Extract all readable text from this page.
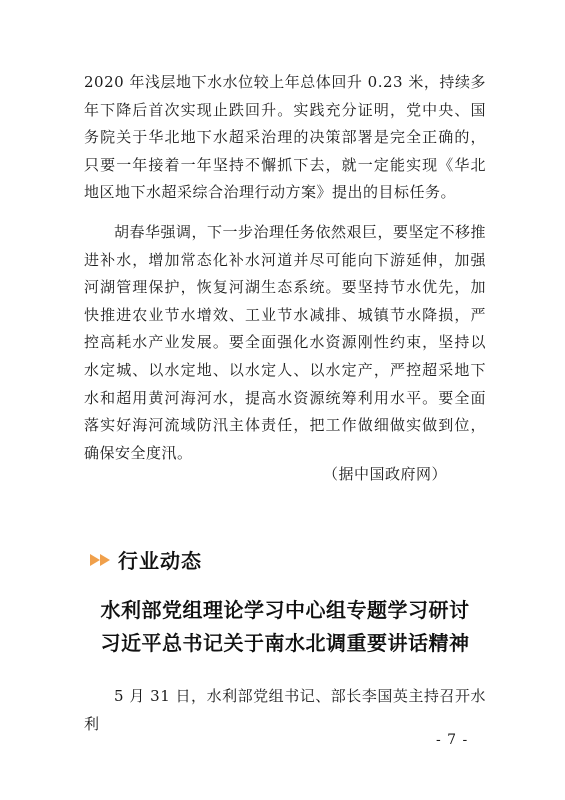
2020 年浅层地下水水位较上年总体回升 0.23 米，持续多年下降后首次实现止跌回升。实践充分证明，党中央、国务院关于华北地下水超采治理的决策部署是完全正确的，只要一年接着一年坚持不懈抓下去，就一定能实现《华北地区地下水超采综合治理行动方案》提出的目标任务。

胡春华强调，下一步治理任务依然艰巨，要坚定不移推进补水，增加常态化补水河道并尽可能向下游延伸，加强河湖管理保护，恢复河湖生态系统。要坚持节水优先，加快推进农业节水增效、工业节水减排、城镇节水降损，严控高耗水产业发展。要全面强化水资源刚性约束，坚持以水定城、以水定地、以水定人、以水定产，严控超采地下水和超用黄河海河水，提高水资源统筹利用水平。要全面落实好海河流域防汛主体责任，把工作做细做实做到位，确保安全度汛。

（据中国政府网）
行业动态
水利部党组理论学习中心组专题学习研讨
习近平总书记关于南水北调重要讲话精神

5 月 31 日，水利部党组书记、部长李国英主持召开水利

- 7 -
